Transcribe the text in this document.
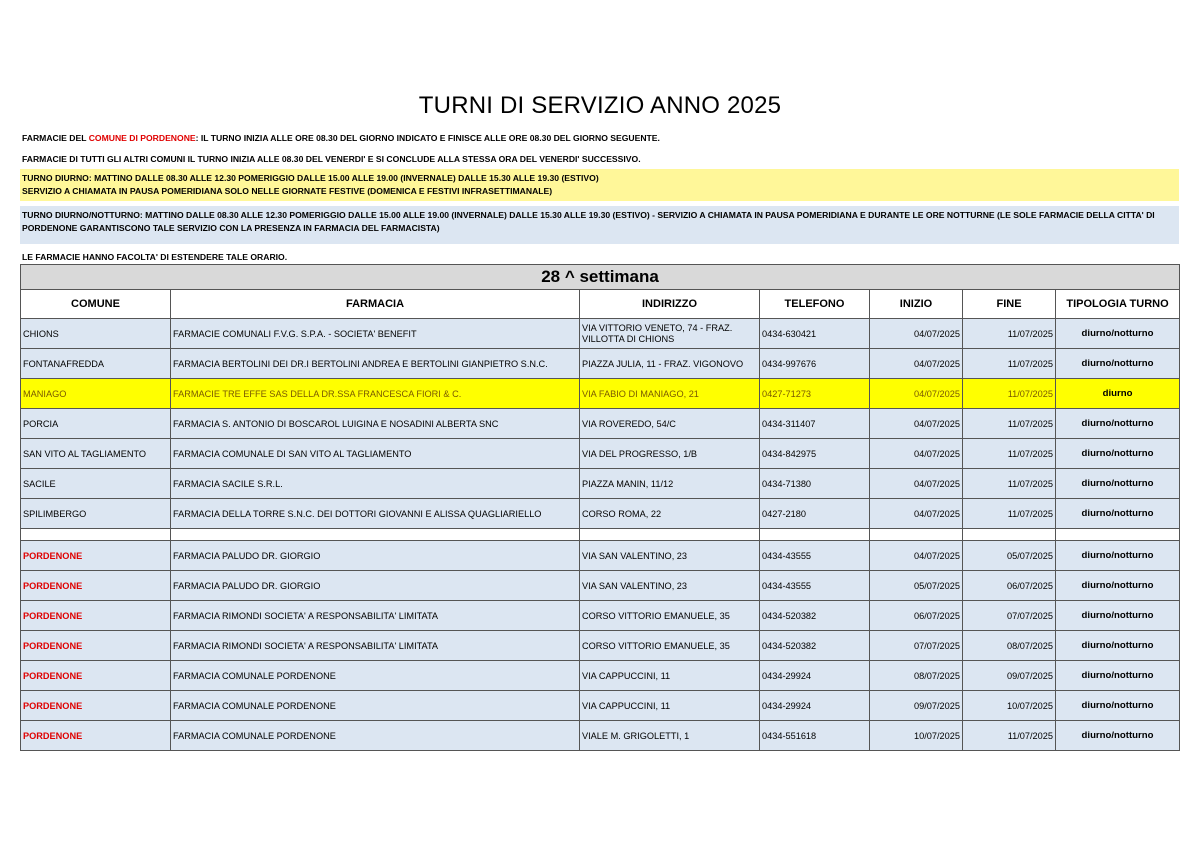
TURNI DI SERVIZIO ANNO 2025
FARMACIE DEL COMUNE DI PORDENONE: IL TURNO INIZIA ALLE ORE 08.30 DEL GIORNO INDICATO E FINISCE ALLE ORE 08.30 DEL GIORNO SEGUENTE.
FARMACIE DI TUTTI GLI ALTRI COMUNI IL TURNO INIZIA ALLE 08.30 DEL VENERDI' E SI CONCLUDE ALLA STESSA ORA DEL VENERDI' SUCCESSIVO.
TURNO DIURNO: MATTINO DALLE 08.30 ALLE 12.30 POMERIGGIO DALLE 15.00 ALLE 19.00 (INVERNALE) DALLE 15.30 ALLE 19.30 (ESTIVO)
SERVIZIO A CHIAMATA IN PAUSA POMERIDIANA SOLO NELLE GIORNATE FESTIVE (DOMENICA E FESTIVI INFRASETTIMANALE)
TURNO DIURNO/NOTTURNO: MATTINO DALLE 08.30 ALLE 12.30 POMERIGGIO DALLE 15.00 ALLE 19.00 (INVERNALE) DALLE 15.30 ALLE 19.30 (ESTIVO) - SERVIZIO A CHIAMATA IN PAUSA POMERIDIANA E DURANTE LE ORE NOTTURNE (LE SOLE FARMACIE DELLA CITTA' DI PORDENONE GARANTISCONO TALE SERVIZIO CON LA PRESENZA IN FARMACIA DEL FARMACISTA)
LE FARMACIE HANNO FACOLTA' DI ESTENDERE TALE ORARIO.
28 ^ settimana						
COMUNE	FARMACIA	INDIRIZZO	TELEFONO	INIZIO	FINE	TIPOLOGIA TURNO
CHIONS	FARMACIE COMUNALI F.V.G. S.P.A. - SOCIETA' BENEFIT	VIA VITTORIO VENETO, 74 - FRAZ. VILLOTTA DI CHIONS	0434-630421	04/07/2025	11/07/2025	diurno/notturno
FONTANAFREDDA	FARMACIA BERTOLINI DEI DR.I BERTOLINI ANDREA E BERTOLINI GIANPIETRO S.N.C.	PIAZZA JULIA, 11 - FRAZ. VIGONOVO	0434-997676	04/07/2025	11/07/2025	diurno/notturno
MANIAGO	FARMACIE TRE EFFE SAS DELLA DR.SSA FRANCESCA FIORI & C.	VIA FABIO DI MANIAGO, 21	0427-71273	04/07/2025	11/07/2025	diurno
PORCIA	FARMACIA S. ANTONIO DI BOSCAROL LUIGINA E NOSADINI ALBERTA SNC	VIA ROVEREDO, 54/C	0434-311407	04/07/2025	11/07/2025	diurno/notturno
SAN VITO AL TAGLIAMENTO	FARMACIA COMUNALE DI SAN VITO AL TAGLIAMENTO	VIA DEL PROGRESSO, 1/B	0434-842975	04/07/2025	11/07/2025	diurno/notturno
SACILE	FARMACIA SACILE S.R.L.	PIAZZA MANIN, 11/12	0434-71380	04/07/2025	11/07/2025	diurno/notturno
SPILIMBERGO	FARMACIA DELLA TORRE S.N.C. DEI DOTTORI GIOVANNI E ALISSA QUAGLIARIELLO	CORSO ROMA, 22	0427-2180	04/07/2025	11/07/2025	diurno/notturno

PORDENONE	FARMACIA PALUDO DR. GIORGIO	VIA SAN VALENTINO, 23	0434-43555	04/07/2025	05/07/2025	diurno/notturno
PORDENONE	FARMACIA PALUDO DR. GIORGIO	VIA SAN VALENTINO, 23	0434-43555	05/07/2025	06/07/2025	diurno/notturno
PORDENONE	FARMACIA RIMONDI SOCIETA' A RESPONSABILITA' LIMITATA	CORSO VITTORIO EMANUELE, 35	0434-520382	06/07/2025	07/07/2025	diurno/notturno
PORDENONE	FARMACIA RIMONDI SOCIETA' A RESPONSABILITA' LIMITATA	CORSO VITTORIO EMANUELE, 35	0434-520382	07/07/2025	08/07/2025	diurno/notturno
PORDENONE	FARMACIA COMUNALE PORDENONE	VIA CAPPUCCINI, 11	0434-29924	08/07/2025	09/07/2025	diurno/notturno
PORDENONE	FARMACIA COMUNALE PORDENONE	VIA CAPPUCCINI, 11	0434-29924	09/07/2025	10/07/2025	diurno/notturno
PORDENONE	FARMACIA COMUNALE PORDENONE	VIALE M. GRIGOLETTI, 1	0434-551618	10/07/2025	11/07/2025	diurno/notturno
